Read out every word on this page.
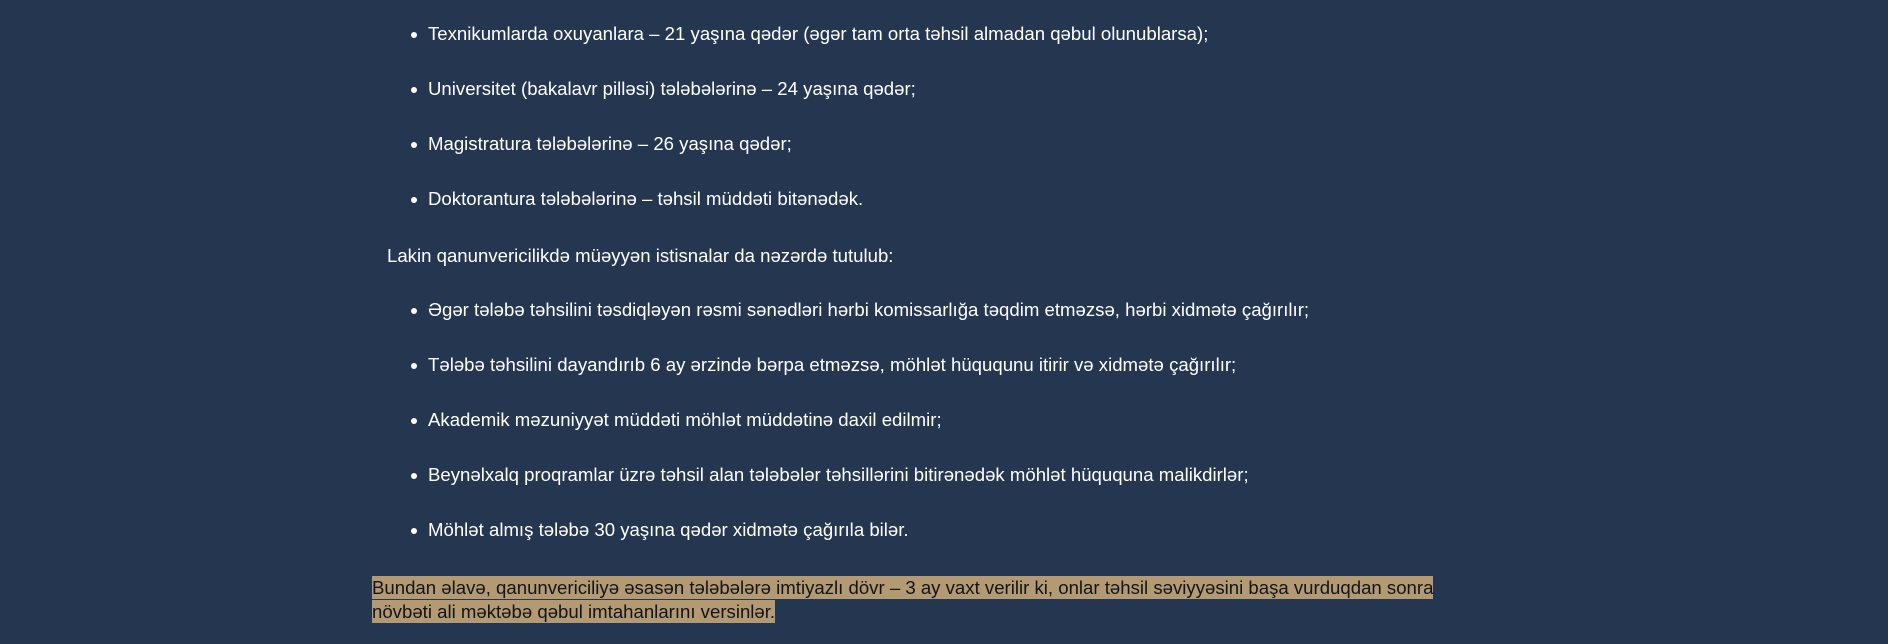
Texnikumlarda oxuyanlara – 21 yaşına qədər (əgər tam orta təhsil almadan qəbul olunublarsa);
Universitet (bakalavr pilləsi) tələbələrinə – 24 yaşına qədər;
Magistratura tələbələrinə – 26 yaşına qədər;
Doktorantura tələbələrinə – təhsil müddəti bitənədək.

Lakin qanunvericilikdə müəyyən istisnalar da nəzərdə tutulub:

Əgər tələbə təhsilini təsdiqləyən rəsmi sənədləri hərbi komissarlığa təqdim etməzsə, hərbi xidmətə çağırılır;
Tələbə təhsilini dayandırıb 6 ay ərzində bərpa etməzsə, möhlət hüququnu itirir və xidmətə çağırılır;
Akademik məzuniyyət müddəti möhlət müddətinə daxil edilmir;
Beynəlxalq proqramlar üzrə təhsil alan tələbələr təhsillərini bitirənədək möhlət hüququna malikdirlər;
Möhlət almış tələbə 30 yaşına qədər xidmətə çağırıla bilər.

Bundan əlavə, qanunvericiliyə əsasən tələbələrə imtiyazlı dövr – 3 ay vaxt verilir ki, onlar təhsil səviyyəsini başa vurduqdan sonra növbəti ali məktəbə qəbul imtahanlarını versinlər.
